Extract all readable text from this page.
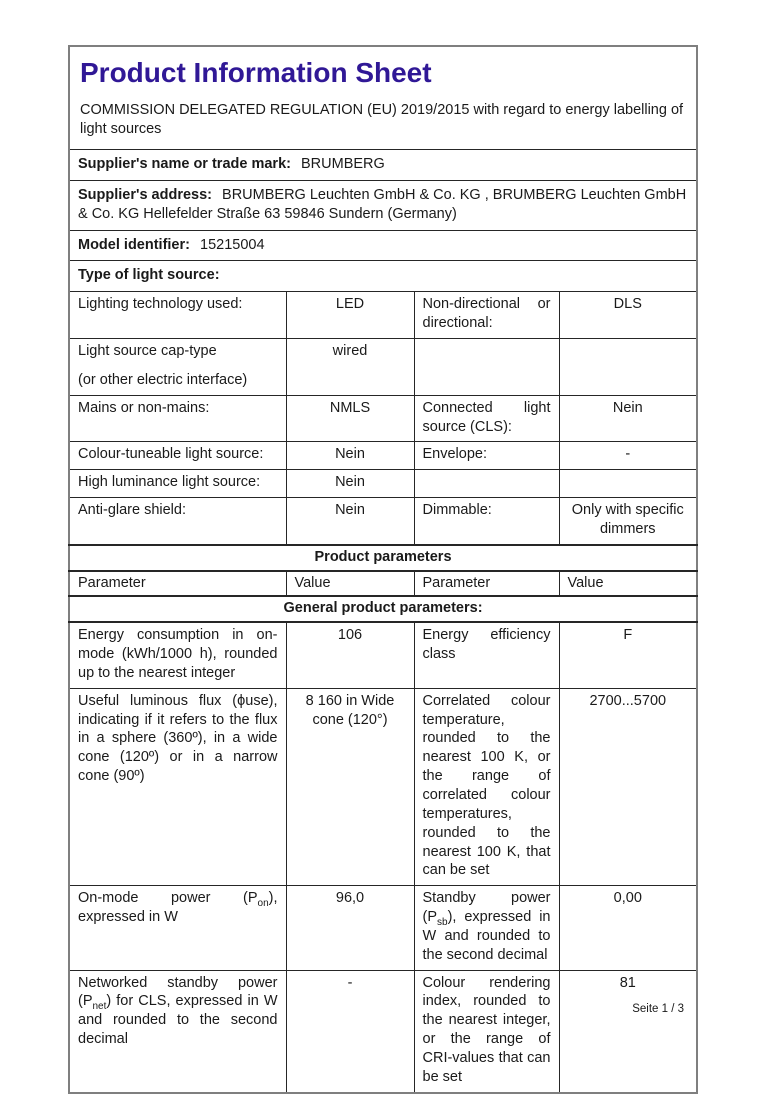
Product Information Sheet

COMMISSION DELEGATED REGULATION (EU) 2019/2015 with regard to energy labelling of light sources

Supplier's name or trade mark: BRUMBERG			
Supplier's address: BRUMBERG Leuchten GmbH & Co. KG , BRUMBERG Leuchten GmbH & Co. KG Hellefelder Straße 63 59846 Sundern (Germany)			
Model identifier: 15215004			
Type of light source:			
Lighting technology used:	LED	Non-directional or directional:	DLS

Light source cap-type
(or other electric interface)	wired		
Mains or non-mains:	NMLS	Connected light source (CLS):	Nein
Colour-tuneable light source:	Nein	Envelope:	-
High luminance light source:	Nein		
Anti-glare shield:	Nein	Dimmable:	Only with specific dimmers
Product parameters			
Parameter	Value	Parameter	Value
General product parameters:			
Energy consumption in on-mode (kWh/1000 h), rounded up to the nearest integer	106	Energy efficiency class	F
Useful luminous flux (ϕuse), indicating if it refers to the flux in a sphere (360º), in a wide cone (120º) or in a narrow cone (90º)	8 160 in Wide cone (120°)	Correlated colour temperature, rounded to the nearest 100 K, or the range of correlated colour temperatures, rounded to the nearest 100 K, that can be set	2700...5700
On-mode power $(P_{on})$, expressed in W	96,0	Standby power $(P_{sb})$, expressed in W and rounded to the second decimal	0,00
Networked standby power $(P_{net})$ for CLS, expressed in W and rounded to the second decimal	-	Colour rendering index, rounded to the nearest integer, or the range of CRI-values that can be set	81
Seite 1 / 3
